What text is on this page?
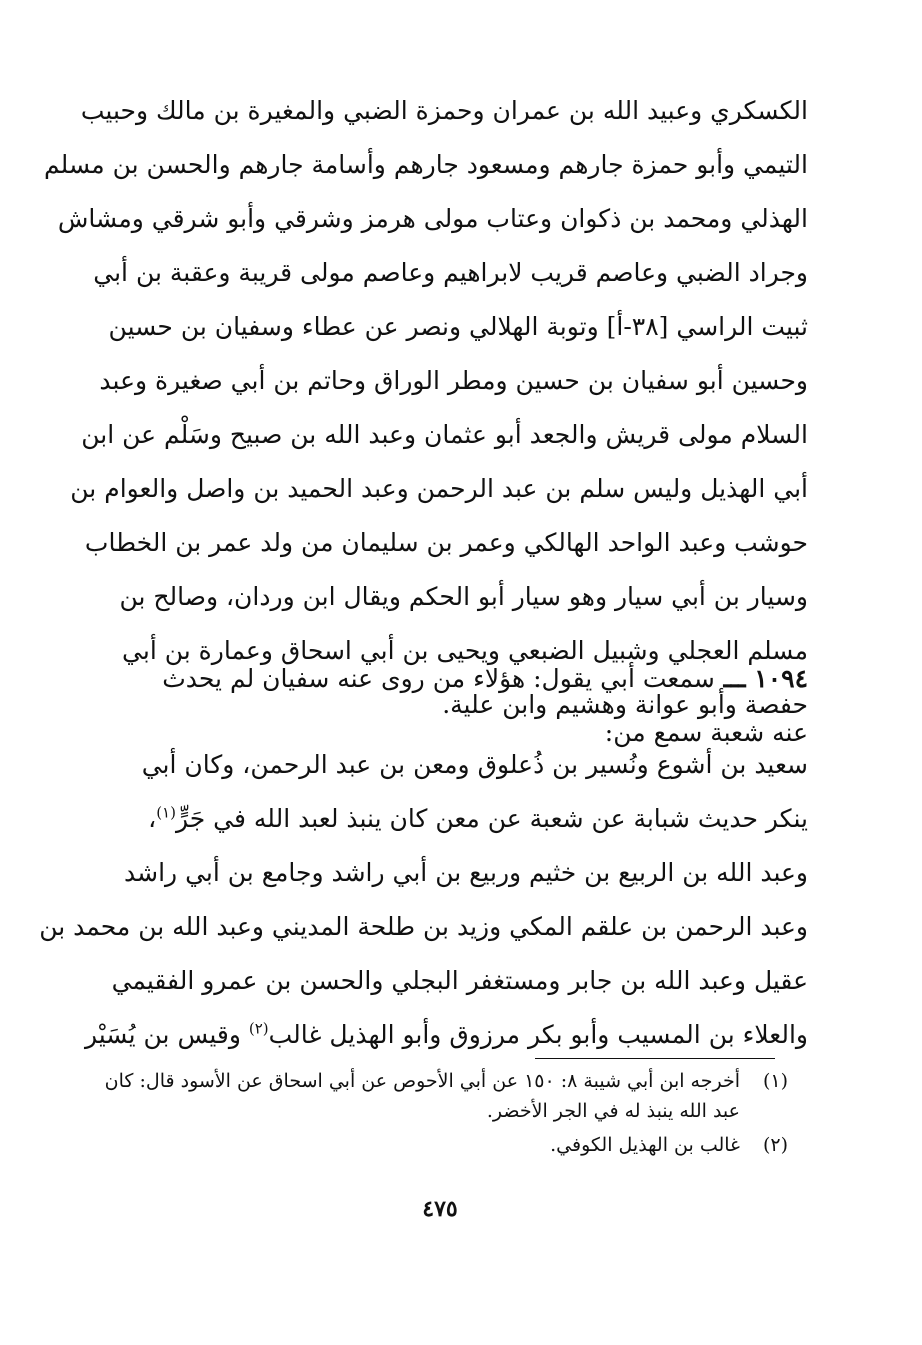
الكسكري وعبيد الله بن عمران وحمزة الضبي والمغيرة بن مالك وحبيب
التيمي وأبو حمزة جارهم ومسعود جارهم وأسامة جارهم والحسن بن مسلم
الهذلي ومحمد بن ذكوان وعتاب مولى هرمز وشرقي وأبو شرقي ومشاش
وجراد الضبي وعاصم قريب لابراهيم وعاصم مولى قريبة وعقبة بن أبي
ثبيت الراسي [٣٨-أ] وتوبة الهلالي ونصر عن عطاء وسفيان بن حسين
وحسين أبو سفيان بن حسين ومطر الوراق وحاتم بن أبي صغيرة وعبد
السلام مولى قريش والجعد أبو عثمان وعبد الله بن صبيح وسَلْم عن ابن
أبي الهذيل وليس سلم بن عبد الرحمن وعبد الحميد بن واصل والعوام بن
حوشب وعبد الواحد الهالكي وعمر بن سليمان من ولد عمر بن الخطاب
وسيار بن أبي سيار وهو سيار أبو الحكم ويقال ابن وردان، وصالح بن
مسلم العجلي وشبيل الضبعي ويحيى بن أبي اسحاق وعمارة بن أبي
حفصة وأبو عوانة وهشيم وابن علية.
١٠٩٤ ـــ سمعت أبي يقول: هؤلاء من روى عنه سفيان لم يحدث
عنه شعبة سمع من:
سعيد بن أشوع ونُسير بن ذُعلوق ومعن بن عبد الرحمن، وكان أبي
ينكر حديث شبابة عن شعبة عن معن كان ينبذ لعبد الله في جَرٍّ$^{(١)}$،
وعبد الله بن الربيع بن خثيم وربيع بن أبي راشد وجامع بن أبي راشد
وعبد الرحمن بن علقم المكي وزيد بن طلحة المديني وعبد الله بن محمد بن
عقيل وعبد الله بن جابر ومستغفر البجلي والحسن بن عمرو الفقيمي
والعلاء بن المسيب وأبو بكر مرزوق وأبو الهذيل غالب$^{(٢)}$ وقيس بن يُسَيْر
(١)
أخرجه ابن أبي شيبة ٨: ١٥٠ عن أبي الأحوص عن أبي اسحاق عن الأسود قال: كان
عبد الله ينبذ له في الجر الأخضر.
(٢)
غالب بن الهذيل الكوفي.
٤٧٥
